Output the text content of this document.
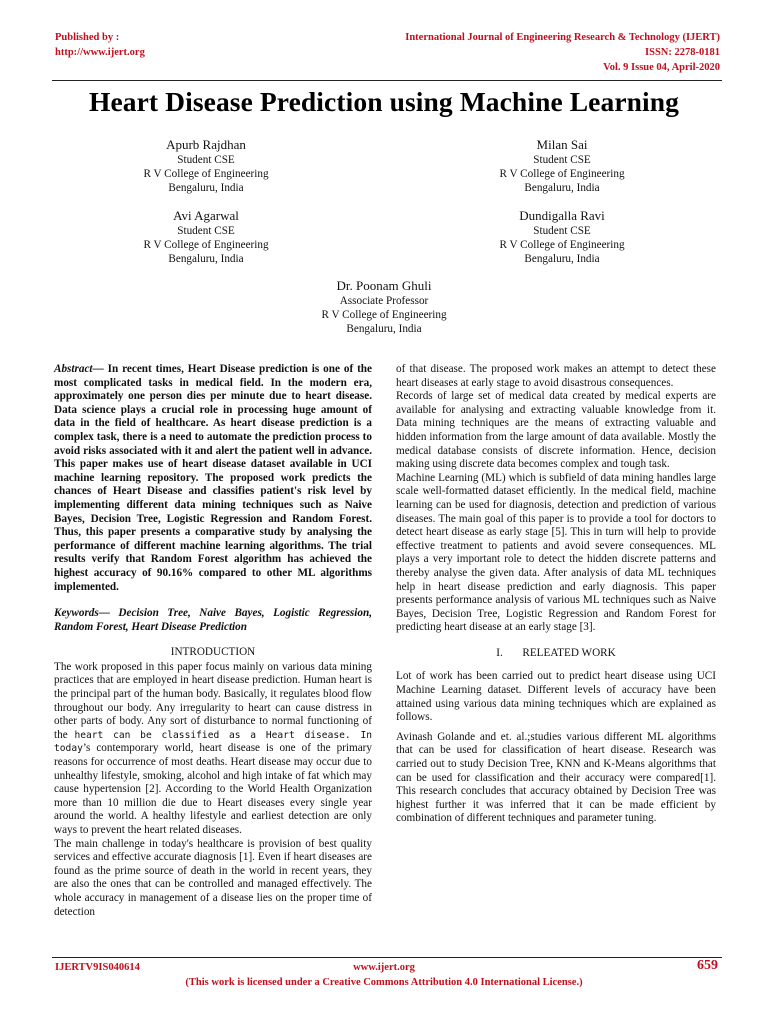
Published by :
http://www.ijert.org
International Journal of Engineering Research & Technology (IJERT)
ISSN: 2278-0181
Vol. 9 Issue 04, April-2020
Heart Disease Prediction using Machine Learning
Apurb Rajdhan
Student CSE
R V College of Engineering
Bengaluru, India
Milan Sai
Student CSE
R V College of Engineering
Bengaluru, India
Avi Agarwal
Student CSE
R V College of Engineering
Bengaluru, India
Dundigalla Ravi
Student CSE
R V College of Engineering
Bengaluru, India
Dr. Poonam Ghuli
Associate Professor
R V College of Engineering
Bengaluru, India

Abstract— In recent times, Heart Disease prediction is one of the most complicated tasks in medical field. In the modern era, approximately one person dies per minute due to heart disease. Data science plays a crucial role in processing huge amount of data in the field of healthcare. As heart disease prediction is a complex task, there is a need to automate the prediction process to avoid risks associated with it and alert the patient well in advance. This paper makes use of heart disease dataset available in UCI machine learning repository. The proposed work predicts the chances of Heart Disease and classifies patient's risk level by implementing different data mining techniques such as Naive Bayes, Decision Tree, Logistic Regression and Random Forest. Thus, this paper presents a comparative study by analysing the performance of different machine learning algorithms. The trial results verify that Random Forest algorithm has achieved the highest accuracy of 90.16% compared to other ML algorithms implemented.

Keywords— Decision Tree, Naive Bayes, Logistic Regression, Random Forest, Heart Disease Prediction

INTRODUCTION

The work proposed in this paper focus mainly on various data mining practices that are employed in heart disease prediction. Human heart is the principal part of the human body. Basically, it regulates blood flow throughout our body. Any irregularity to heart can cause distress in other parts of body. Any sort of disturbance to normal functioning of the heart can be classified as a Heart disease. In today’s contemporary world, heart disease is one of the primary reasons for occurrence of most deaths. Heart disease may occur due to unhealthy lifestyle, smoking, alcohol and high intake of fat which may cause hypertension [2]. According to the World Health Organization more than 10 million die due to Heart diseases every single year around the world. A healthy lifestyle and earliest detection are only ways to prevent the heart related diseases.

The main challenge in today's healthcare is provision of best quality services and effective accurate diagnosis [1]. Even if heart diseases are found as the prime source of death in the world in recent years, they are also the ones that can be controlled and managed effectively. The whole accuracy in management of a disease lies on the proper time of detection

of that disease. The proposed work makes an attempt to detect these heart diseases at early stage to avoid disastrous consequences.

Records of large set of medical data created by medical experts are available for analysing and extracting valuable knowledge from it. Data mining techniques are the means of extracting valuable and hidden information from the large amount of data available. Mostly the medical database consists of discrete information. Hence, decision making using discrete data becomes complex and tough task.

Machine Learning (ML) which is subfield of data mining handles large scale well-formatted dataset efficiently. In the medical field, machine learning can be used for diagnosis, detection and prediction of various diseases. The main goal of this paper is to provide a tool for doctors to detect heart disease as early stage [5]. This in turn will help to provide effective treatment to patients and avoid severe consequences. ML plays a very important role to detect the hidden discrete patterns and thereby analyse the given data. After analysis of data ML techniques help in heart disease prediction and early diagnosis. This paper presents performance analysis of various ML techniques such as Naive Bayes, Decision Tree, Logistic Regression and Random Forest for predicting heart disease at an early stage [3].

I.       RELEATED WORK

Lot of work has been carried out to predict heart disease using UCI Machine Learning dataset. Different levels of accuracy have been attained using various data mining techniques which are explained as follows.

Avinash Golande and et. al.;studies various different ML algorithms that can be used for classification of heart disease. Research was carried out to study Decision Tree, KNN and K-Means algorithms that can be used for classification and their accuracy were compared[1]. This research concludes that accuracy obtained by Decision Tree was highest further it was inferred that it can be made efficient by combination of different techniques and parameter tuning.

IJERTV9IS040614	www.ijert.org	659
(This work is licensed under a Creative Commons Attribution 4.0 International License.)
